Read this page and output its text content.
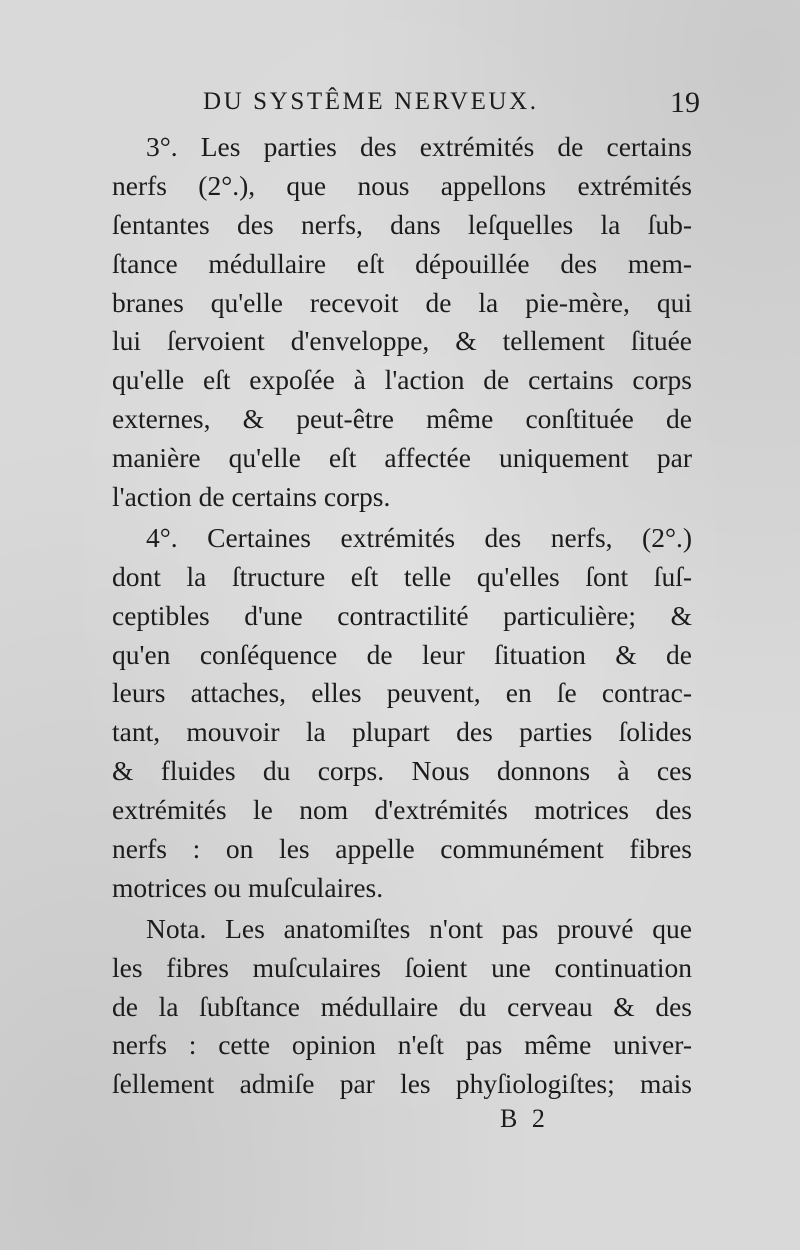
DU SYSTÊME NERVEUX.	19
3°. Les parties des extrémités de certains
nerfs (2°.), que nous appellons extrémités
ſentantes des nerfs, dans leſquelles la ſub-
ſtance médullaire eſt dépouillée des mem-
branes qu'elle recevoit de la pie-mère, qui
lui ſervoient d'enveloppe, & tellement ſituée
qu'elle eſt expoſée à l'action de certains corps
externes, & peut-être même conſtituée de
manière qu'elle eſt affectée uniquement par
l'action de certains corps.
4°. Certaines extrémités des nerfs, (2°.)
dont la ſtructure eſt telle qu'elles ſont ſuſ-
ceptibles d'une contractilité particulière; &
qu'en conſéquence de leur ſituation & de
leurs attaches, elles peuvent, en ſe contrac-
tant, mouvoir la plupart des parties ſolides
& fluides du corps. Nous donnons à ces
extrémités le nom d'extrémités motrices des
nerfs : on les appelle communément fibres
motrices ou muſculaires.
Nota. Les anatomiſtes n'ont pas prouvé que
les fibres muſculaires ſoient une continuation
de la ſubſtance médullaire du cerveau & des
nerfs : cette opinion n'eſt pas même univer-
ſellement admiſe par les phyſiologiſtes; mais
B 2
